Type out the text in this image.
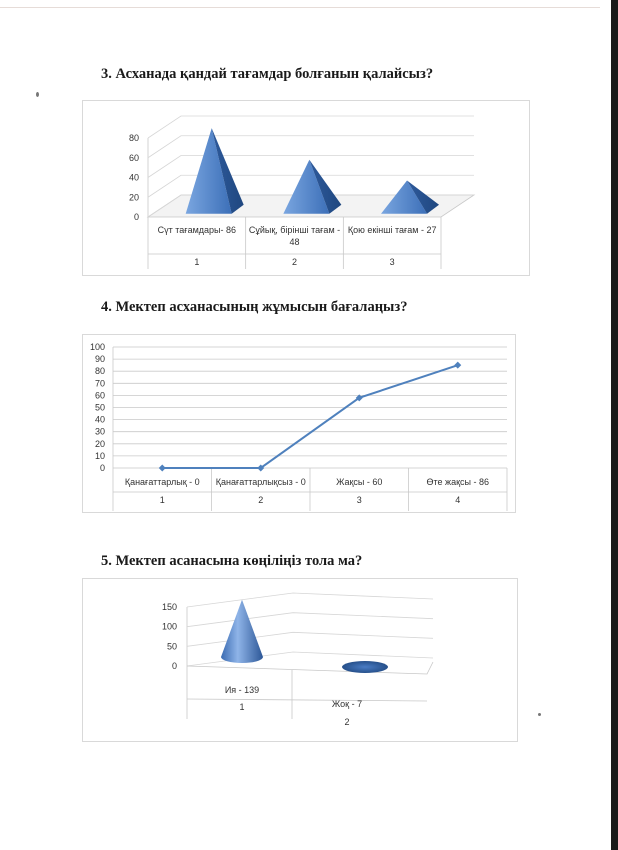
3. Асханада қандай тағамдар болғанын қалайсыз?
0
20
40
60
80
Сүт тағамдары- 86
1
Сұйық, бірінші тағам -48
2
Қою екінші тағам - 27
3
4. Мектеп асханасының жұмысын бағалаңыз?
0
10
20
30
40
50
60
70
80
90
100
Қанағаттарлық - 0
1
Қанағаттарлықсыз - 0
2
Жақсы - 60
3
Өте жақсы - 86
4
5. Мектеп асанасына көңіліңіз тола ма?
0
50
100
150
Ия - 139
1	Жоқ - 7
2
